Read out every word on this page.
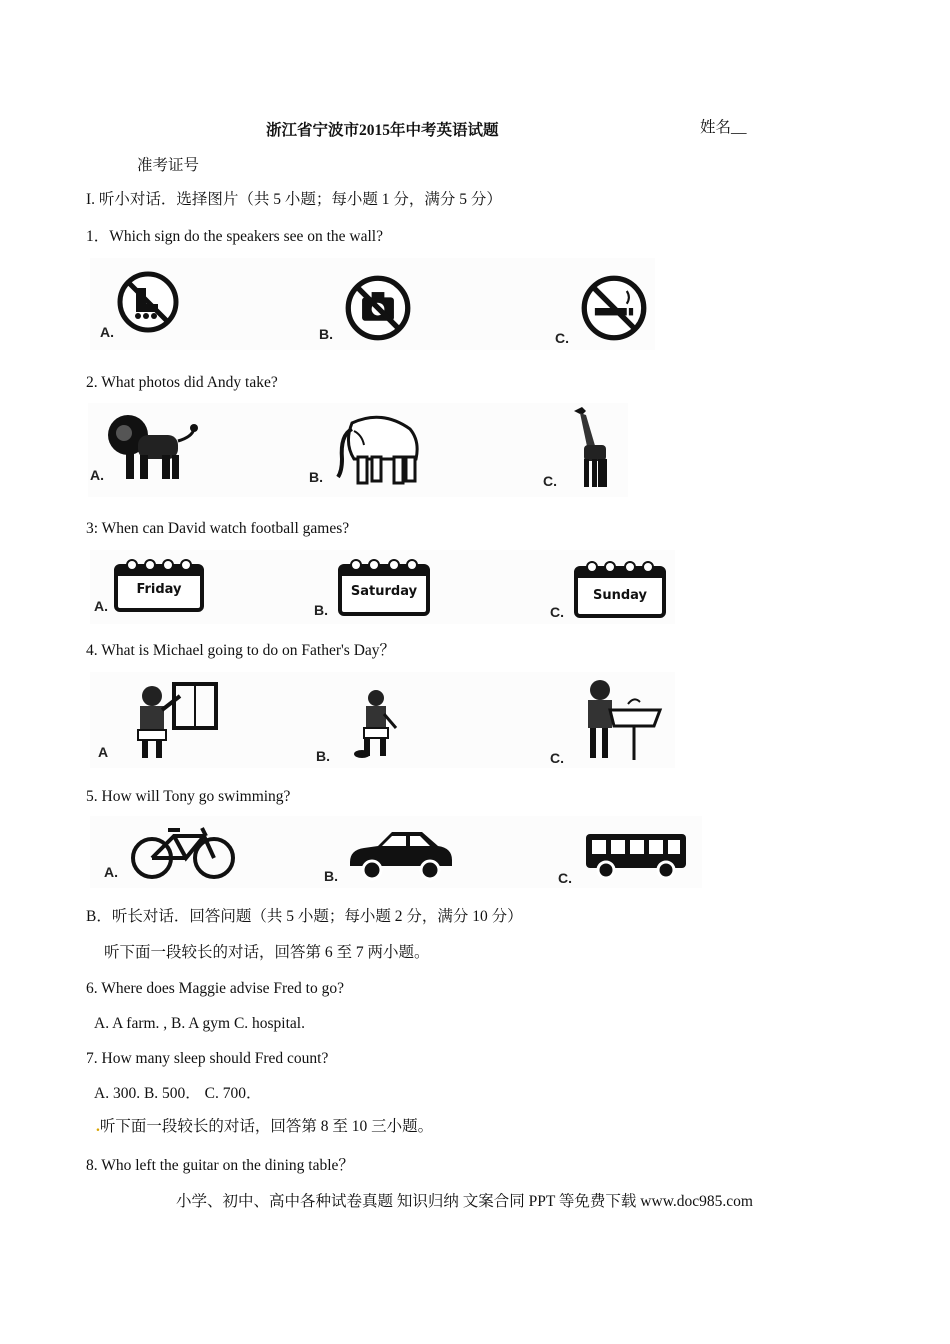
浙江省宁波市2015年中考英语试题	姓名__
准考证号
I. 听小对话．选择图片（共 5 小题；每小题 1 分，满分 5 分）
1．Which sign do the speakers see on the wall?
A.	B.	C.
2. What photos did Andy take?
A.	B.	C.
3: When can David watch football games?
A.
Friday
B.
Saturday
C.
Sunday
4. What is Michael going to do on Father's Day？
A	B.	C.
5. How will Tony go swimming?
A.	B.	C.
B．听长对话．回答问题（共 5 小题；每小题 2 分，满分 10 分）
听下面一段较长的对话，回答第 6 至 7 两小题。
6. Where does Maggie advise Fred to go?
A. A farm. , B. A gym C. hospital.
7. How many sleep should Fred count?
A. 300. B. 500． C. 700．
.听下面一段较长的对话，回答第 8 至 10 三小题。
8. Who left the guitar on the dining table？
小学、初中、高中各种试卷真题 知识归纳 文案合同 PPT 等免费下载 www.doc985.com
